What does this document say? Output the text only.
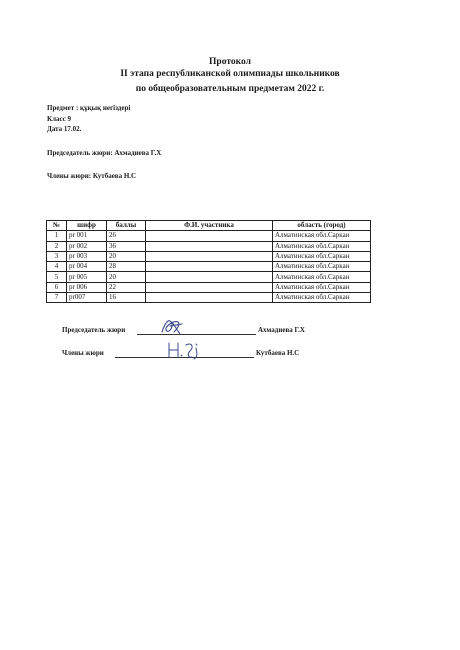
Протокол
II этапа республиканской олимпиады школьников
по общеобразовательным предметам 2022 г.
Предмет : құқық негіздері
Класс 9
Дата 17.02.
Председатель жюри: Ахмадиева Г.Х
Члены жюри: Кутбаева Н.С
№	шифр	баллы	Ф.И. участника	область (город)
1	pr 001	26		Алматинская обл.Саркан
2	pr 002	36		Алматинская обл.Саркан
3	pr 003	20		Алматинская обл.Саркан
4	pr 004	28		Алматинская обл.Саркан
5	pr 005	20		Алматинская обл.Саркан
6	pr 006	22		Алматинская обл.Саркан
7	pr007	16		Алматинская обл.Саркан
Председатель жюри	Ахмадиева Г.Х
Члены жюри	Кутбаева Н.С
